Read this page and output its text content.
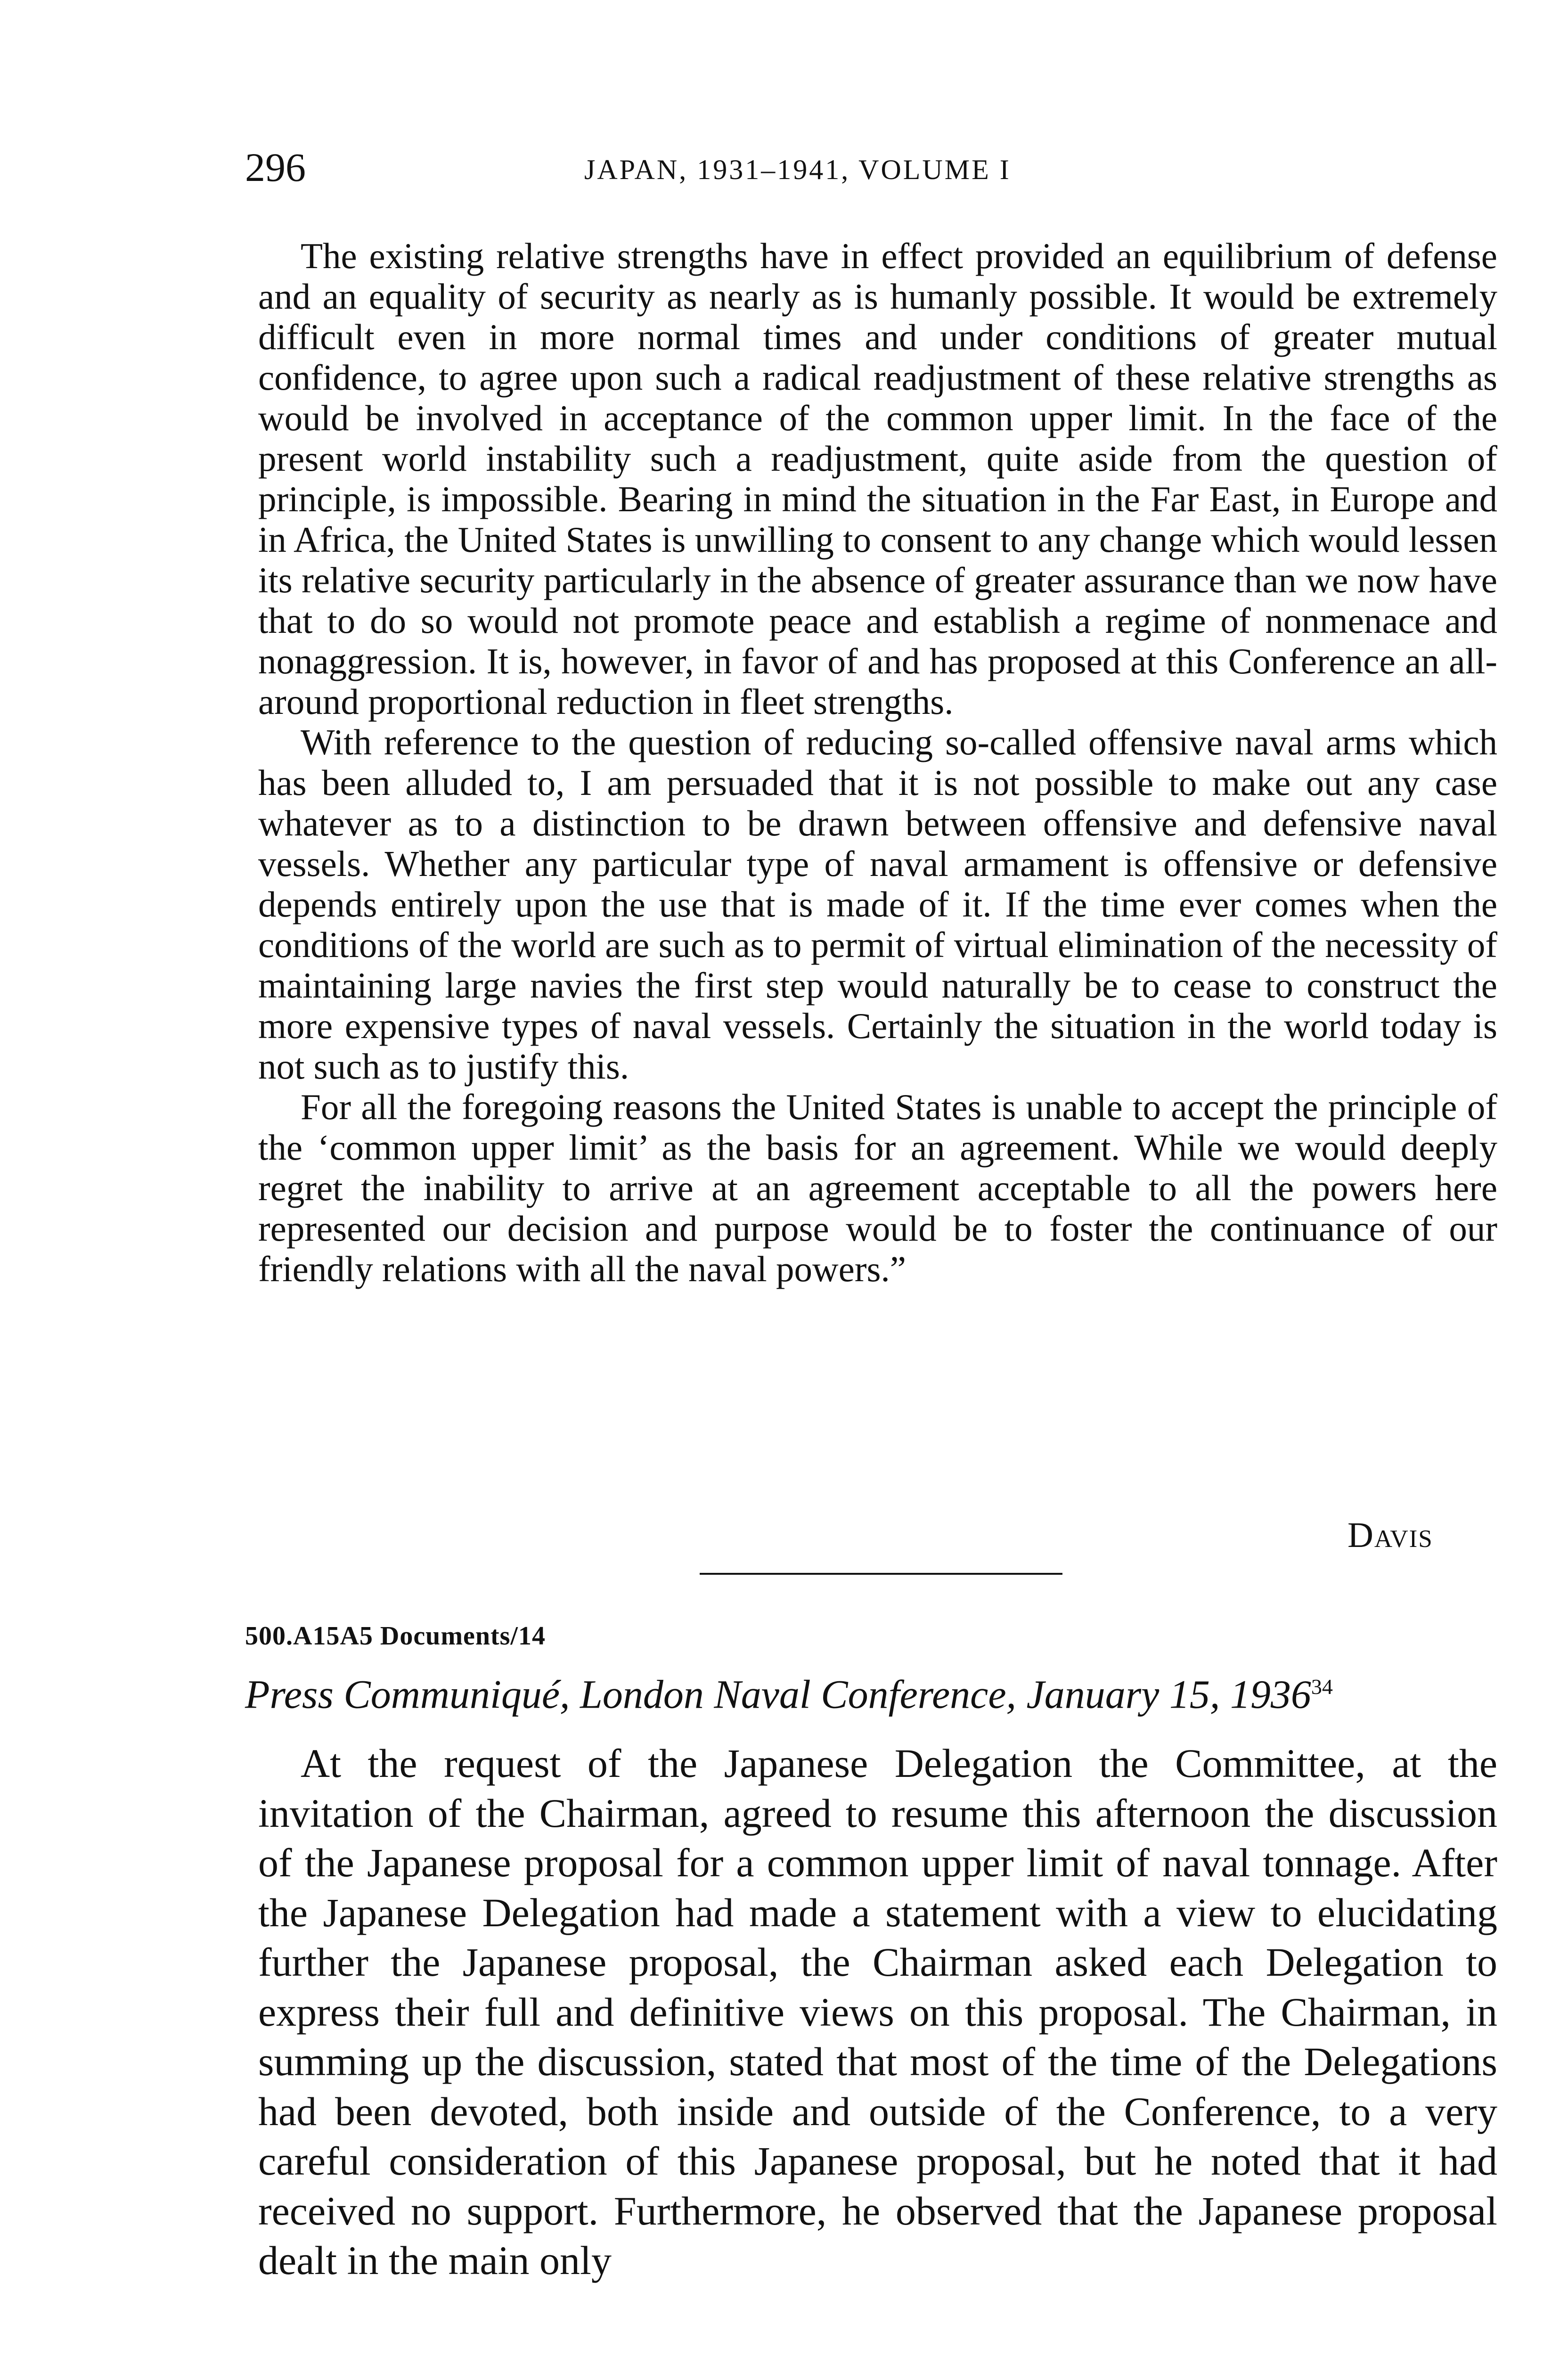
296	JAPAN, 1931–1941, VOLUME I

The existing relative strengths have in effect provided an equilibrium of defense and an equality of security as nearly as is humanly possible. It would be extremely difficult even in more normal times and under conditions of greater mutual confidence, to agree upon such a radical readjustment of these relative strengths as would be involved in acceptance of the common upper limit. In the face of the present world instability such a readjustment, quite aside from the question of principle, is impossible. Bearing in mind the situation in the Far East, in Europe and in Africa, the United States is unwilling to consent to any change which would lessen its relative security particularly in the absence of greater assurance than we now have that to do so would not promote peace and establish a regime of nonmenace and nonaggression. It is, however, in favor of and has proposed at this Conference an all-around proportional reduction in fleet strengths.

With reference to the question of reducing so-called offensive naval arms which has been alluded to, I am persuaded that it is not possible to make out any case whatever as to a distinction to be drawn between offensive and defensive naval vessels. Whether any particular type of naval armament is offensive or defensive depends entirely upon the use that is made of it. If the time ever comes when the conditions of the world are such as to permit of virtual elimination of the necessity of maintaining large navies the first step would naturally be to cease to construct the more expensive types of naval vessels. Certainly the situation in the world today is not such as to justify this.

For all the foregoing reasons the United States is unable to accept the principle of the ‘common upper limit’ as the basis for an agreement. While we would deeply regret the inability to arrive at an agreement acceptable to all the powers here represented our decision and purpose would be to foster the continuance of our friendly relations with all the naval powers.”

Davis
500.A15A5 Documents/14
Press Communiqué, London Naval Conference, January 15, 1936$^{34}$

At the request of the Japanese Delegation the Committee, at the invitation of the Chairman, agreed to resume this afternoon the discussion of the Japanese proposal for a common upper limit of naval tonnage. After the Japanese Delegation had made a statement with a view to elucidating further the Japanese proposal, the Chairman asked each Delegation to express their full and definitive views on this proposal. The Chairman, in summing up the discussion, stated that most of the time of the Delegations had been devoted, both inside and outside of the Conference, to a very careful consideration of this Japanese proposal, but he noted that it had received no support. Furthermore, he observed that the Japanese proposal dealt in the main only
